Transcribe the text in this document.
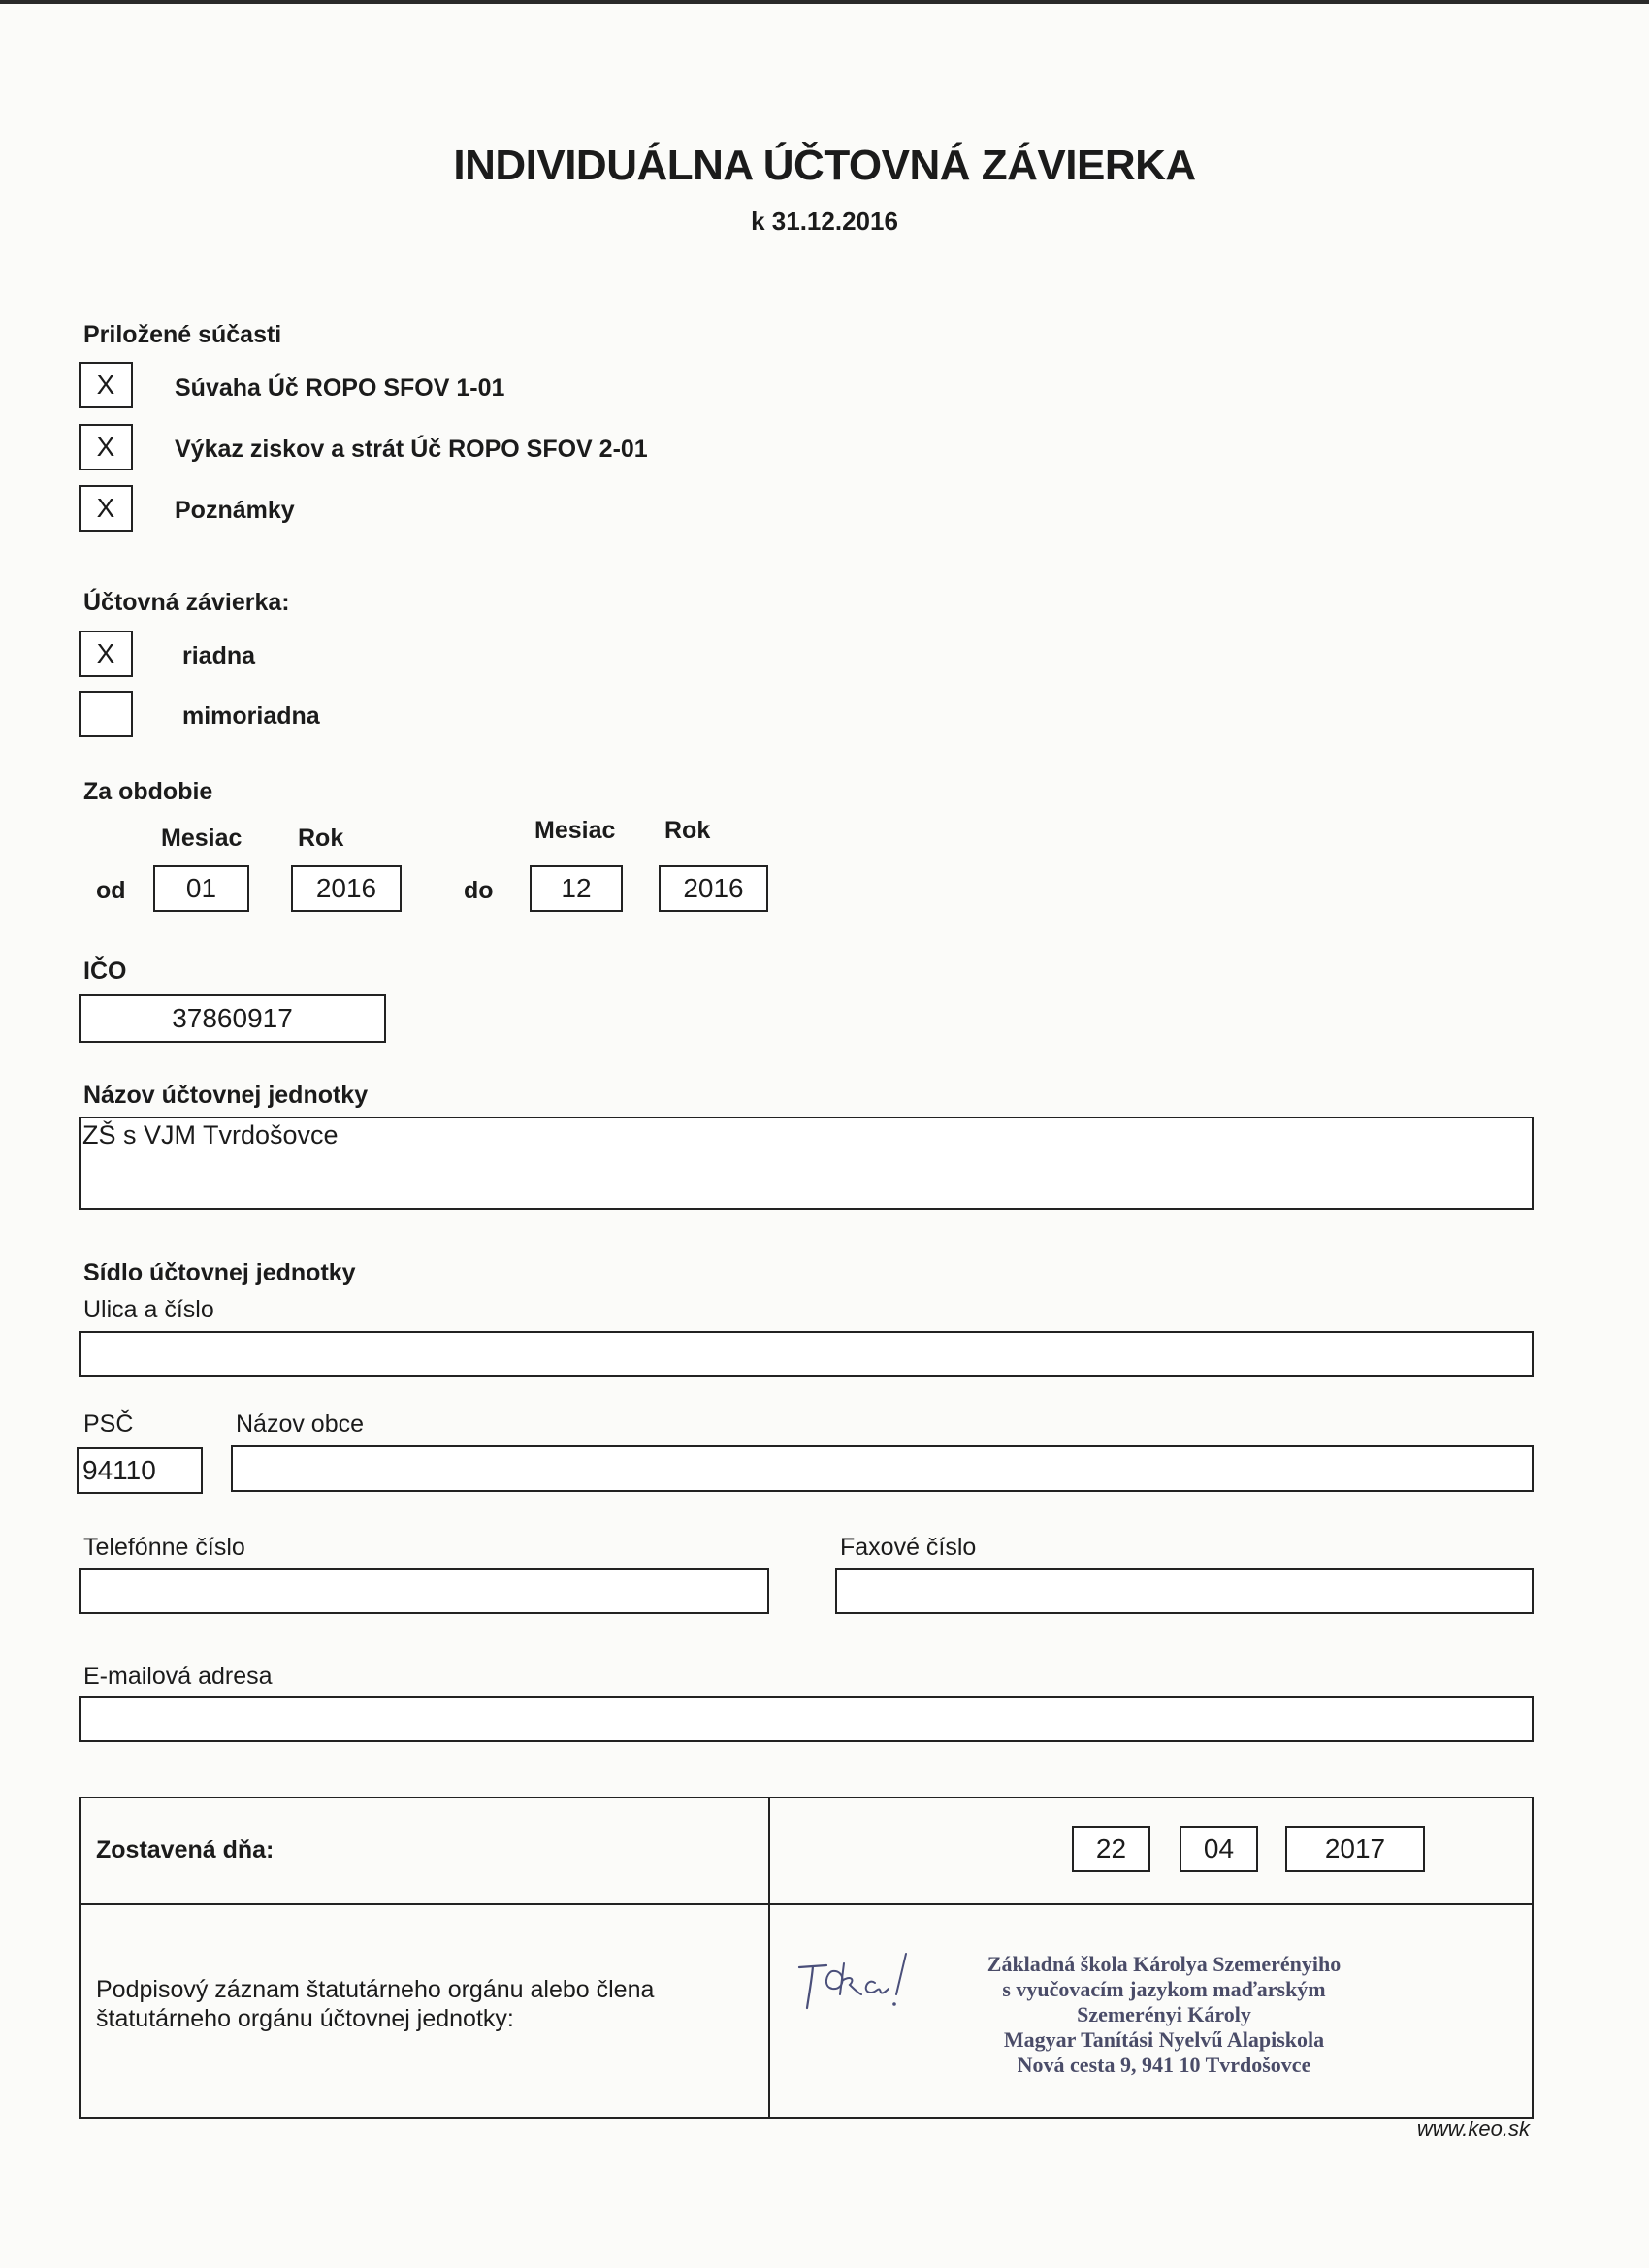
INDIVIDUÁLNA ÚČTOVNÁ ZÁVIERKA
k 31.12.2016
Priložené súčasti
X	Súvaha Úč ROPO SFOV 1-01
X	Výkaz ziskov a strát Úč ROPO SFOV 2-01
X	Poznámky
Účtovná závierka:
X	riadna
mimoriadna
Za obdobie
Mesiac Rok	Mesiac Rok
od	01	2016	do	12	2016
IČO
37860917
Názov účtovnej jednotky
ZŠ s VJM Tvrdošovce
Sídlo účtovnej jednotky
Ulica a číslo
PSČ	Názov obce
94110
Telefónne číslo	Faxové číslo
E-mailová adresa
Zostavená dňa:	22	04	2017
Podpisový záznam štatutárneho orgánu alebo člena
štatutárneho orgánu účtovnej jednotky:
Základná škola Károlya Szemerényiho
s vyučovacím jazykom maďarským
Szemerényi Károly
Magyar Tanítási Nyelvű Alapiskola
Nová cesta 9, 941 10 Tvrdošovce
www.keo.sk
